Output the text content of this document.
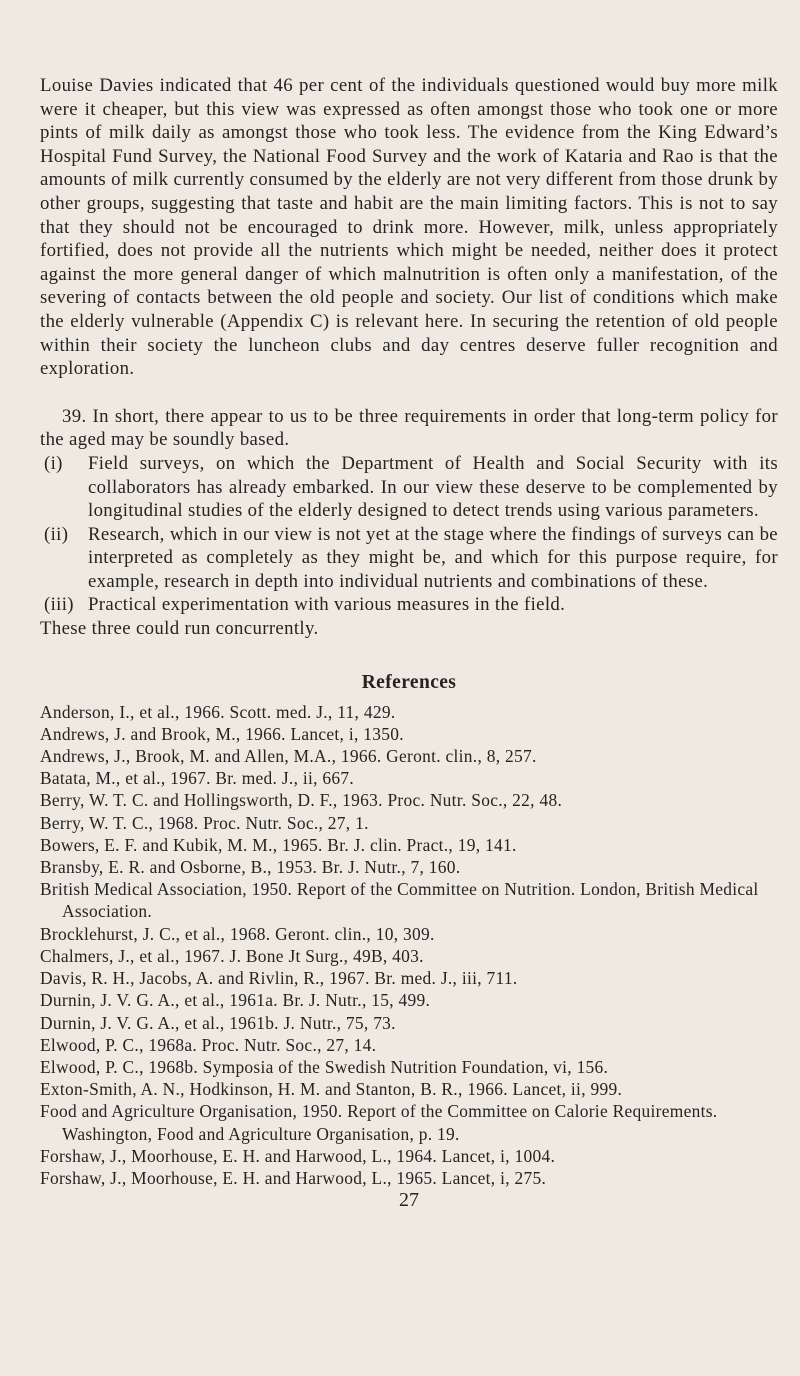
Louise Davies indicated that 46 per cent of the individuals questioned would buy more milk were it cheaper, but this view was expressed as often amongst those who took one or more pints of milk daily as amongst those who took less. The evidence from the King Edward’s Hospital Fund Survey, the National Food Survey and the work of Kataria and Rao is that the amounts of milk currently consumed by the elderly are not very different from those drunk by other groups, suggesting that taste and habit are the main limiting factors. This is not to say that they should not be encouraged to drink more. However, milk, unless appropriately fortified, does not provide all the nutrients which might be needed, neither does it protect against the more general danger of which malnutrition is often only a manifestation, of the severing of contacts between the old people and society. Our list of conditions which make the elderly vulnerable (Appendix C) is relevant here. In securing the retention of old people within their society the luncheon clubs and day centres deserve fuller recognition and exploration.

39. In short, there appear to us to be three requirements in order that long-term policy for the aged may be soundly based.

(i) Field surveys, on which the Department of Health and Social Security with its collaborators has already embarked. In our view these deserve to be complemented by longitudinal studies of the elderly designed to detect trends using various parameters.
(ii) Research, which in our view is not yet at the stage where the findings of surveys can be interpreted as completely as they might be, and which for this purpose require, for example, research in depth into individual nutrients and combinations of these.
(iii) Practical experimentation with various measures in the field.

These three could run concurrently.

References
Anderson, I., et al., 1966. Scott. med. J., 11, 429.
Andrews, J. and Brook, M., 1966. Lancet, i, 1350.
Andrews, J., Brook, M. and Allen, M.A., 1966. Geront. clin., 8, 257.
Batata, M., et al., 1967. Br. med. J., ii, 667.
Berry, W. T. C. and Hollingsworth, D. F., 1963. Proc. Nutr. Soc., 22, 48.
Berry, W. T. C., 1968. Proc. Nutr. Soc., 27, 1.
Bowers, E. F. and Kubik, M. M., 1965. Br. J. clin. Pract., 19, 141.
Bransby, E. R. and Osborne, B., 1953. Br. J. Nutr., 7, 160.
British Medical Association, 1950. Report of the Committee on Nutrition. London, British Medical Association.
Brocklehurst, J. C., et al., 1968. Geront. clin., 10, 309.
Chalmers, J., et al., 1967. J. Bone Jt Surg., 49B, 403.
Davis, R. H., Jacobs, A. and Rivlin, R., 1967. Br. med. J., iii, 711.
Durnin, J. V. G. A., et al., 1961a. Br. J. Nutr., 15, 499.
Durnin, J. V. G. A., et al., 1961b. J. Nutr., 75, 73.
Elwood, P. C., 1968a. Proc. Nutr. Soc., 27, 14.
Elwood, P. C., 1968b. Symposia of the Swedish Nutrition Foundation, vi, 156.
Exton-Smith, A. N., Hodkinson, H. M. and Stanton, B. R., 1966. Lancet, ii, 999.
Food and Agriculture Organisation, 1950. Report of the Committee on Calorie Requirements. Washington, Food and Agriculture Organisation, p. 19.
Forshaw, J., Moorhouse, E. H. and Harwood, L., 1964. Lancet, i, 1004.
Forshaw, J., Moorhouse, E. H. and Harwood, L., 1965. Lancet, i, 275.
27
